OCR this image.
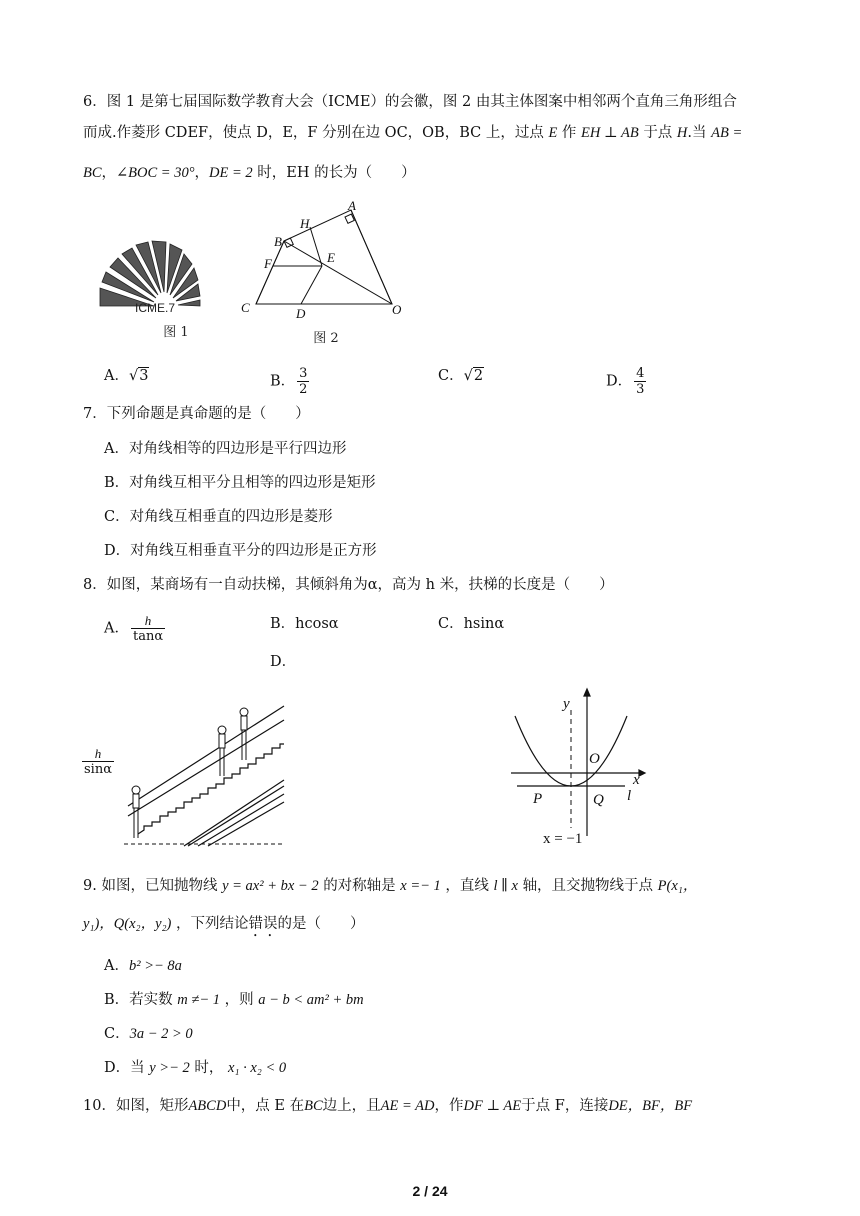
6．图 1 是第七届国际数学教育大会（ICME）的会徽，图 2 由其主体图案中相邻两个直角三角形组合
而成.作菱形 CDEF，使点 D，E，F 分别在边 OC，OB，BC 上，过点 E 作 EH ⊥ AB 于点 H.当 AB =
BC，∠BOC = 30°，DE = 2 时，EH 的长为（　　）
ICME.7
图 1
A
B
C	D
E
F
H
O
图 2
A．√3	B． $\frac{3}{2}$	C．√2	D． $\frac{4}{3}$
7．下列命题是真命题的是（　　）
A．对角线相等的四边形是平行四边形
B．对角线互相平分且相等的四边形是矩形
C．对角线互相垂直的四边形是菱形
D．对角线互相垂直平分的四边形是正方形
8．如图，某商场有一自动扶梯，其倾斜角为α，高为 h 米，扶梯的长度是（　　）
A． $\frac{h}{\tan\alpha}$	B．hcosα	C．hsinα
D．
$\frac{h}{\sin\alpha}$
y
x
O
P	Q l
x = −1
9. 如图，已知抛物线 y = ax² + bx − 2 的对称轴是 x =− 1 ，直线 l ∥ x 轴，且交抛物线于点 P(x₁，
y₁)，Q(x₂，y₂) ，下列结论错误的是（　　）
A．b² >− 8a
B．若实数 m ≠− 1 ，则 a − b < am² + bm
C．3a − 2 > 0
D．当 y >− 2 时， x₁ · x₂ < 0
10．如图，矩形ABCD中，点 E 在BC边上，且AE = AD，作DF ⊥ AE于点 F，连接DE，BF，BF
2 / 24
